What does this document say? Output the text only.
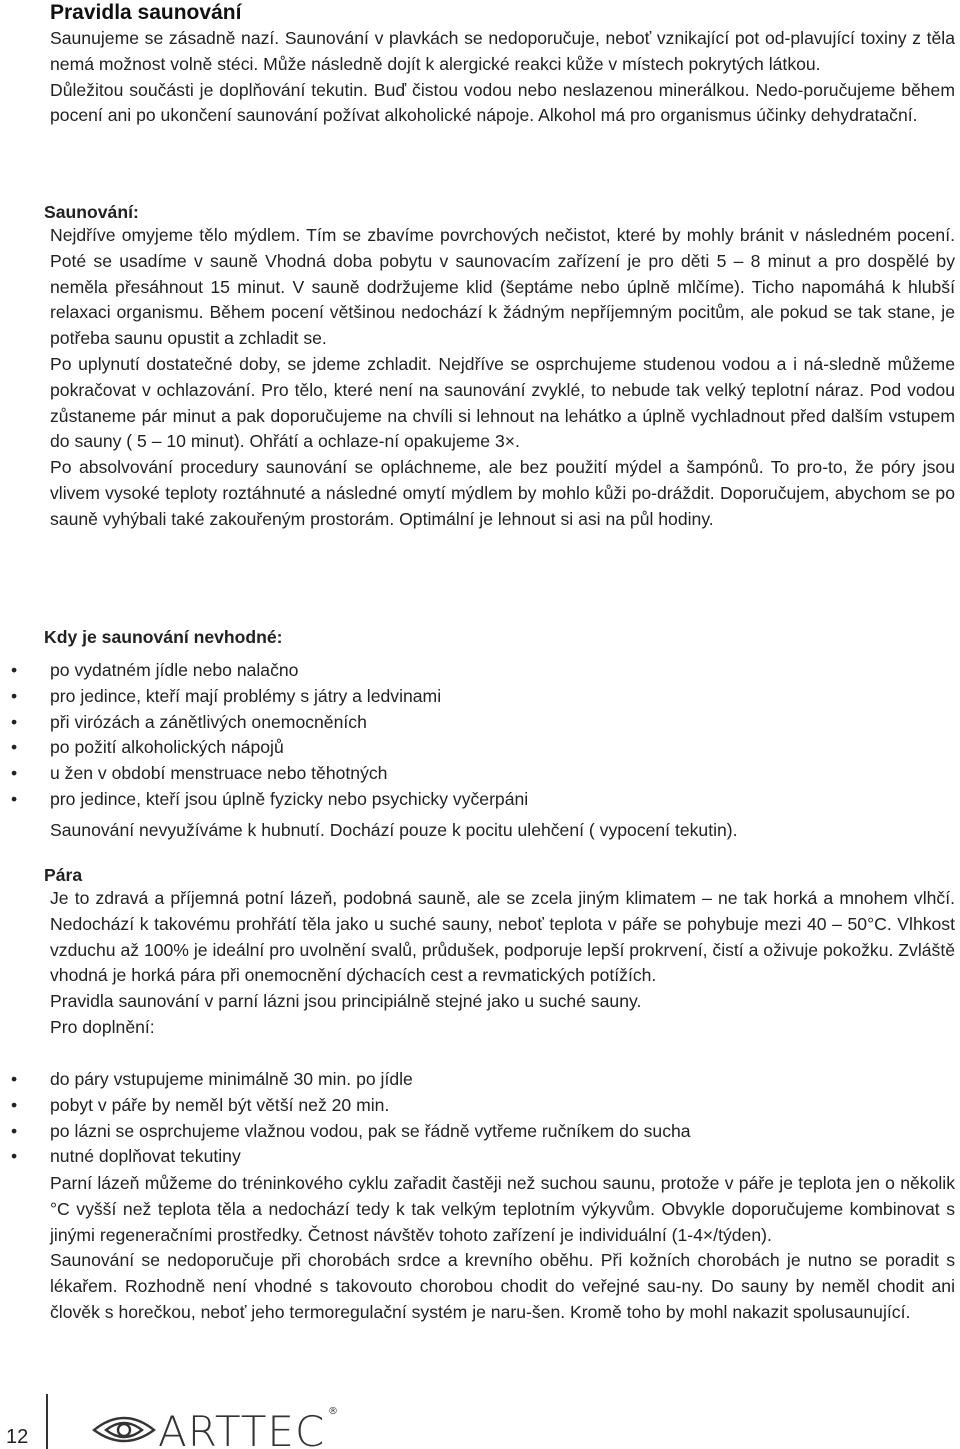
Pravidla saunování

Saunujeme se zásadně nazí. Saunování v plavkách se nedoporučuje, neboť vznikající pot od-plavující toxiny z těla nemá možnost volně stéci. Může následně dojít k alergické reakci kůže v místech pokrytých látkou.

Důležitou součásti je doplňování tekutin. Buď čistou vodou nebo neslazenou minerálkou. Nedo-poručujeme během pocení ani po ukončení saunování požívat alkoholické nápoje. Alkohol má pro organismus účinky dehydratační.

Saunování:

Nejdříve omyjeme tělo mýdlem. Tím se zbavíme povrchových nečistot, které by mohly bránit v následném pocení. Poté se usadíme v sauně Vhodná doba pobytu v saunovacím zařízení je pro děti 5 – 8 minut a pro dospělé by neměla přesáhnout 15 minut. V sauně dodržujeme klid (šeptáme nebo úplně mlčíme). Ticho napomáhá k hlubší relaxaci organismu. Během pocení většinou nedochází k žádným nepříjemným pocitům, ale pokud se tak stane, je potřeba saunu opustit a zchladit se.

Po uplynutí dostatečné doby, se jdeme zchladit. Nejdříve se osprchujeme studenou vodou a i ná-sledně můžeme pokračovat v ochlazování. Pro tělo, které není na saunování zvyklé, to nebude tak velký teplotní náraz. Pod vodou zůstaneme pár minut a pak doporučujeme na chvíli si lehnout na lehátko a úplně vychladnout před dalším vstupem do sauny ( 5 – 10 minut). Ohřátí a ochlaze-ní opakujeme 3×.

Po absolvování procedury saunování se opláchneme, ale bez použití mýdel a šampónů. To pro-to, že póry jsou vlivem vysoké teploty roztáhnuté a následné omytí mýdlem by mohlo kůži po-dráždit. Doporučujem, abychom se po sauně vyhýbali také zakouřeným prostorám. Optimální je lehnout si asi na půl hodiny.

Kdy je saunování nevhodné:
• po vydatném jídle nebo nalačno
• pro jedince, kteří mají problémy s játry a ledvinami
• při virózách a zánětlivých onemocněních
• po požití alkoholických nápojů
• u žen v období menstruace nebo těhotných
• pro jedince, kteří jsou úplně fyzicky nebo psychicky vyčerpáni

Saunování nevyužíváme k hubnutí. Dochází pouze k pocitu ulehčení ( vypocení tekutin).

Pára

Je to zdravá a příjemná potní lázeň, podobná sauně, ale se zcela jiným klimatem – ne tak horká a mnohem vlhčí. Nedochází k takovému prohřátí těla jako u suché sauny, neboť teplota v páře se pohybuje mezi 40 – 50°C. Vlhkost vzduchu až 100% je ideální pro uvolnění svalů, průdušek, podporuje lepší prokrvení, čistí a oživuje pokožku. Zvláště vhodná je horká pára při onemocnění dýchacích cest a revmatických potížích.

Pravidla saunování v parní lázni jsou principiálně stejné jako u suché sauny.

Pro doplnění:

• do páry vstupujeme minimálně 30 min. po jídle
• pobyt v páře by neměl být větší než 20 min.
• po lázni se osprchujeme vlažnou vodou, pak se řádně vytřeme ručníkem do sucha
• nutné doplňovat tekutiny

Parní lázeň můžeme do tréninkového cyklu zařadit častěji než suchou saunu, protože v páře je teplota jen o několik °C vyšší než teplota těla a nedochází tedy k tak velkým teplotním výkyvům. Obvykle doporučujeme kombinovat s jinými regeneračními prostředky. Četnost návštěv tohoto zařízení je individuální (1-4×/týden).

Saunování se nedoporučuje při chorobách srdce a krevního oběhu. Při kožních chorobách je nutno se poradit s lékařem. Rozhodně není vhodné s takovouto chorobou chodit do veřejné sau-ny. Do sauny by neměl chodit ani člověk s horečkou, neboť jeho termoregulační systém je naru-šen. Kromě toho by mohl nakazit spolusaunující.

12	ARTTEC ®
